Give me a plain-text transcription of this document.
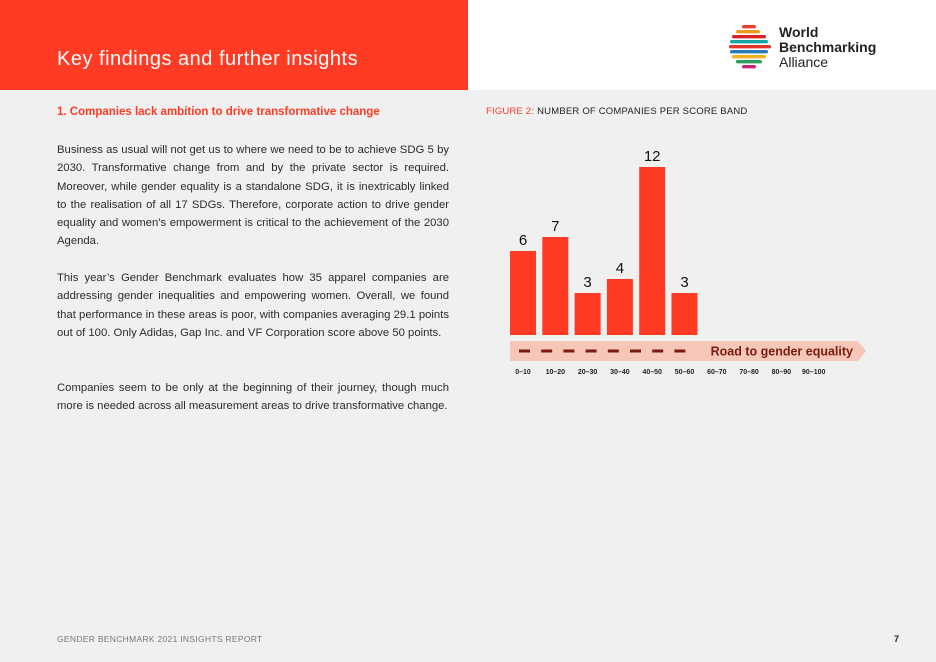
Key findings and further insights
World
Benchmarking
Alliance
1. Companies lack ambition to drive transformative change

Business as usual will not get us to where we need to be to achieve SDG 5 by 2030. Transformative change from and by the private sector is required. Moreover, while gender equality is a standalone SDG, it is inextricably linked to the realisation of all 17 SDGs. Therefore, corporate action to drive gender equality and women’s empowerment is critical to the achievement of the 2030 Agenda.

This year’s Gender Benchmark evaluates how 35 apparel companies are addressing gender inequalities and empowering women. Overall, we found that performance in these areas is poor, with companies averaging 29.1 points out of 100. Only Adidas, Gap Inc. and VF Corporation score above 50 points.

Companies seem to be only at the beginning of their journey, though much more is needed across all measurement areas to drive transformative change.

FIGURE 2: NUMBER OF COMPANIES PER SCORE BAND
Road to gender equality
6
0–10
7
10–20
3
20–30
4
30–40
12
40–50
3
50–60 60–70 70–80 80–90 90–100
GENDER BENCHMARK 2021 INSIGHTS REPORT	7
